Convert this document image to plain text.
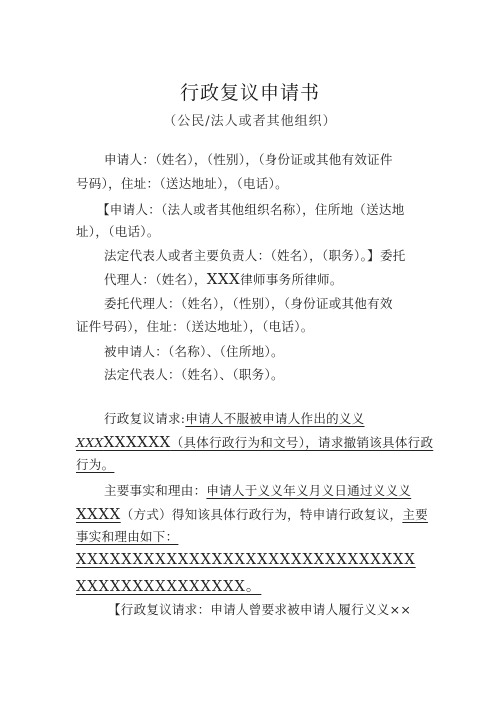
行政复议申请书
（公民/法人或者其他组织）
申请人：（姓名），（性别），（身份证或其他有效证件
号码），住址：（送达地址），（电话）。
【申请人：（法人或者其他组织名称），住所地（送达地
址），（电话）。
法定代表人或者主要负责人：（姓名），（职务）。】委托
代理人：（姓名），XXX律师事务所律师。
委托代理人：（姓名），（性别），（身份证或其他有效
证件号码），住址：（送达地址），（电话）。
被申请人：（名称）、（住所地）。
法定代表人：（姓名）、（职务）。
行政复议请求:申请人不服被申请人作出的义义
XXXXXXXXX（具体行政行为和文号），请求撤销该具体行政
行为。
主要事实和理由：申请人于义义年义月义日通过义义义
XXXX（方式）得知该具体行政行为，特申请行政复议，主要
事实和理由如下：
XXXXXXXXXXXXXXXXXXXXXXXXXXXXXX
XXXXXXXXXXXXXXX。
【行政复议请求：申请人曾要求被申请人履行义义××
